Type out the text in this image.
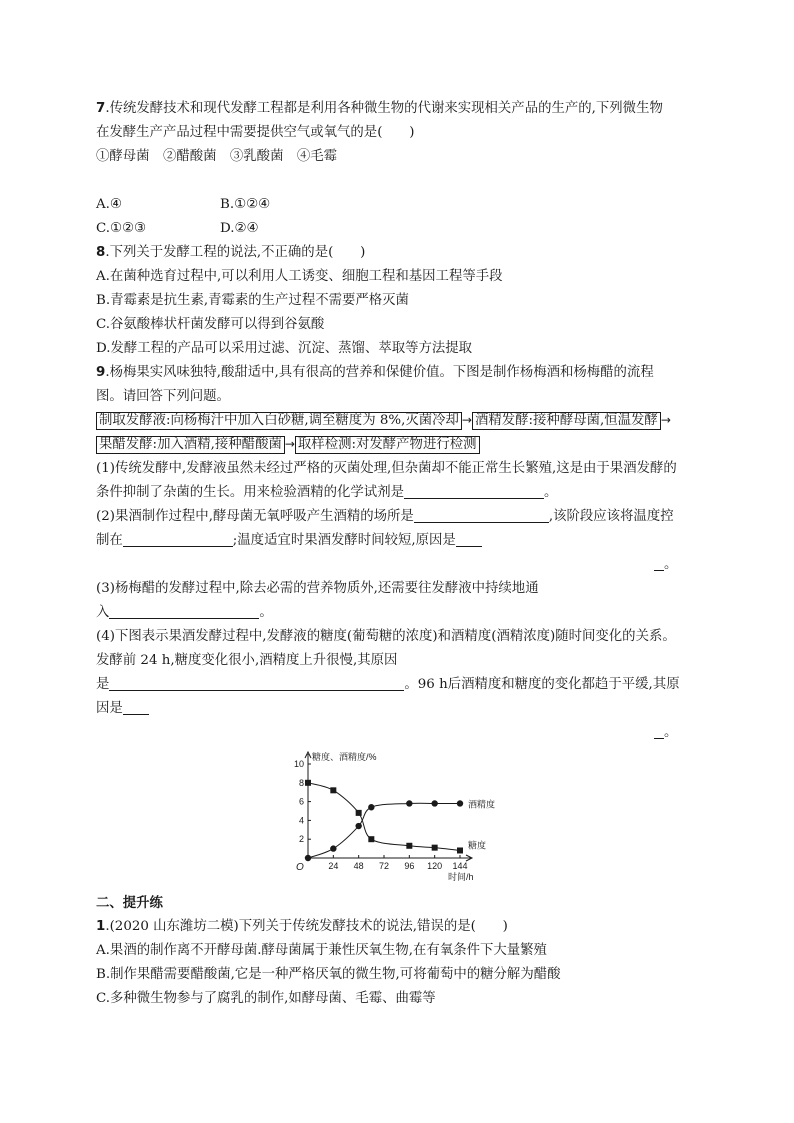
7.传统发酵技术和现代发酵工程都是利用各种微生物的代谢来实现相关产品的生产的,下列微生物
在发酵生产产品过程中需要提供空气或氧气的是(　　)
①酵母菌　②醋酸菌　③乳酸菌　④毛霉
A.④	B.①②④
C.①②③	D.②④
8.下列关于发酵工程的说法,不正确的是(　　)
A.在菌种选育过程中,可以利用人工诱变、细胞工程和基因工程等手段
B.青霉素是抗生素,青霉素的生产过程不需要严格灭菌
C.谷氨酸棒状杆菌发酵可以得到谷氨酸
D.发酵工程的产品可以采用过滤、沉淀、蒸馏、萃取等方法提取
9.杨梅果实风味独特,酸甜适中,具有很高的营养和保健价值。下图是制作杨梅酒和杨梅醋的流程
图。请回答下列问题。
制取发酵液:向杨梅汁中加入白砂糖,调至糖度为 8%,灭菌冷却 → 酒精发酵:接种酵母菌,恒温发酵 →
果醋发酵:加入酒精,接种醋酸菌 → 取样检测:对发酵产物进行检测
(1)传统发酵中,发酵液虽然未经过严格的灭菌处理,但杂菌却不能正常生长繁殖,这是由于果酒发酵的
条件抑制了杂菌的生长。用来检验酒精的化学试剂是	。
(2)果酒制作过程中,酵母菌无氧呼吸产生酒精的场所是	,该阶段应该将温度控
制在	;温度适宜时果酒发酵时间较短,原因是
。
(3)杨梅醋的发酵过程中,除去必需的营养物质外,还需要往发酵液中持续地通
入	。
(4)下图表示果酒发酵过程中,发酵液的糖度(葡萄糖的浓度)和酒精度(酒精浓度)随时间变化的关系。
发酵前 24 h,糖度变化很小,酒精度上升很慢,其原因
是	。96 h后酒精度和糖度的变化都趋于平缓,其原
因是
。
糖度、酒精度/%
时间/h
O
2
4
6
8
10
24 48 72 96 120 144
酒精度
糖度
二、提升练
1.(2020 山东潍坊二模)下列关于传统发酵技术的说法,错误的是(　　)
A.果酒的制作离不开酵母菌.酵母菌属于兼性厌氧生物,在有氧条件下大量繁殖
B.制作果醋需要醋酸菌,它是一种严格厌氧的微生物,可将葡萄中的糖分解为醋酸
C.多种微生物参与了腐乳的制作,如酵母菌、毛霉、曲霉等
